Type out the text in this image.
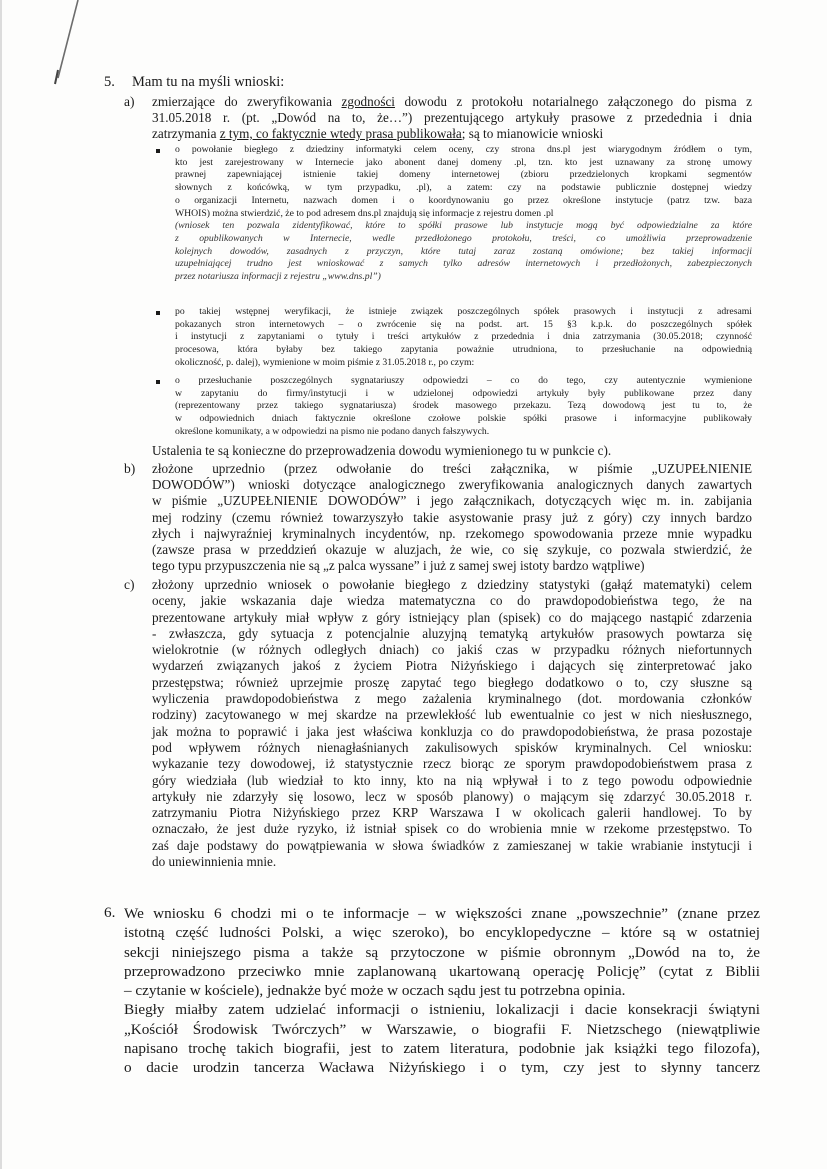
5. Mam tu na myśli wnioski:
a) zmierzające do zweryfikowania zgodności dowodu z protokołu notarialnego załączonego do pisma z

31.05.2018 r. (pt. „Dowód na to, że…”) prezentującego artykuły prasowe z przedednia i dnia

zatrzymania z tym, co faktycznie wtedy prasa publikowała; są to mianowicie wnioski

o powołanie biegłego z dziedziny informatyki celem oceny, czy strona dns.pl jest wiarygodnym źródłem o tym,

kto jest zarejestrowany w Internecie jako abonent danej domeny .pl, tzn. kto jest uznawany za stronę umowy

prawnej zapewniającej istnienie takiej domeny internetowej (zbioru przedzielonych kropkami segmentów

słownych z końcówką, w tym przypadku, .pl), a zatem: czy na podstawie publicznie dostępnej wiedzy

o organizacji Internetu, nazwach domen i o koordynowaniu go przez określone instytucje (patrz tzw. baza

WHOIS) można stwierdzić, że to pod adresem dns.pl znajdują się informacje z rejestru domen .pl

(wniosek ten pozwala zidentyfikować, które to spółki prasowe lub instytucje mogą być odpowiedzialne za które

z opublikowanych w Internecie, wedle przedłożonego protokołu, treści, co umożliwia przeprowadzenie

kolejnych dowodów, zasadnych z przyczyn, które tutaj zaraz zostaną omówione; bez takiej informacji

uzupełniającej trudno jest wnioskować z samych tylko adresów internetowych i przedłożonych, zabezpieczonych

przez notariusza informacji z rejestru „www.dns.pl”)

po takiej wstępnej weryfikacji, że istnieje związek poszczególnych spółek prasowych i instytucji z adresami

pokazanych stron internetowych – o zwrócenie się na podst. art. 15 §3 k.p.k. do poszczególnych spółek

i instytucji z zapytaniami o tytuły i treści artykułów z przedednia i dnia zatrzymania (30.05.2018; czynność

procesowa, która byłaby bez takiego zapytania poważnie utrudniona, to przesłuchanie na odpowiednią

okoliczność, p. dalej), wymienione w moim piśmie z 31.05.2018 r., po czym:

o przesłuchanie poszczególnych sygnatariuszy odpowiedzi – co do tego, czy autentycznie wymienione

w zapytaniu do firmy/instytucji i w udzielonej odpowiedzi artykuły były publikowane przez dany

(reprezentowany przez takiego sygnatariusza) środek masowego przekazu. Tezą dowodową jest tu to, że

w odpowiednich dniach faktycznie określone czołowe polskie spółki prasowe i informacyjne publikowały

określone komunikaty, a w odpowiedzi na pismo nie podano danych fałszywych.

Ustalenia te są konieczne do przeprowadzenia dowodu wymienionego tu w punkcie c).
b) złożone uprzednio (przez odwołanie do treści załącznika, w piśmie „UZUPEŁNIENIE

DOWODÓW”) wnioski dotyczące analogicznego zweryfikowania analogicznych danych zawartych

w piśmie „UZUPEŁNIENIE DOWODÓW” i jego załącznikach, dotyczących więc m. in. zabijania

mej rodziny (czemu również towarzyszyło takie asystowanie prasy już z góry) czy innych bardzo

złych i najwyraźniej kryminalnych incydentów, np. rzekomego spowodowania przeze mnie wypadku

(zawsze prasa w przeddzień okazuje w aluzjach, że wie, co się szykuje, co pozwala stwierdzić, że

tego typu przypuszczenia nie są „z palca wyssane” i już z samej swej istoty bardzo wątpliwe)

c) złożony uprzednio wniosek o powołanie biegłego z dziedziny statystyki (gałąź matematyki) celem

oceny, jakie wskazania daje wiedza matematyczna co do prawdopodobieństwa tego, że na

prezentowane artykuły miał wpływ z góry istniejący plan (spisek) co do mającego nastąpić zdarzenia

- zwłaszcza, gdy sytuacja z potencjalnie aluzyjną tematyką artykułów prasowych powtarza się

wielokrotnie (w różnych odległych dniach) co jakiś czas w przypadku różnych niefortunnych

wydarzeń związanych jakoś z życiem Piotra Niżyńskiego i dających się zinterpretować jako

przestępstwa; również uprzejmie proszę zapytać tego biegłego dodatkowo o to, czy słuszne są

wyliczenia prawdopodobieństwa z mego zażalenia kryminalnego (dot. mordowania członków

rodziny) zacytowanego w mej skardze na przewlekłość lub ewentualnie co jest w nich niesłusznego,

jak można to poprawić i jaka jest właściwa konkluzja co do prawdopodobieństwa, że prasa pozostaje

pod wpływem różnych nienagłaśnianych zakulisowych spisków kryminalnych. Cel wniosku:

wykazanie tezy dowodowej, iż statystycznie rzecz biorąc ze sporym prawdopodobieństwem prasa z

góry wiedziała (lub wiedział to kto inny, kto na nią wpływał i to z tego powodu odpowiednie

artykuły nie zdarzyły się losowo, lecz w sposób planowy) o mającym się zdarzyć 30.05.2018 r.

zatrzymaniu Piotra Niżyńskiego przez KRP Warszawa I w okolicach galerii handlowej. To by

oznaczało, że jest duże ryzyko, iż istniał spisek co do wrobienia mnie w rzekome przestępstwo. To

zaś daje podstawy do powątpiewania w słowa świadków z zamieszanej w takie wrabianie instytucji i

do uniewinnienia mnie.

6. We wniosku 6 chodzi mi o te informacje – w większości znane „powszechnie” (znane przez

istotną część ludności Polski, a więc szeroko), bo encyklopedyczne – które są w ostatniej

sekcji niniejszego pisma a także są przytoczone w piśmie obronnym „Dowód na to, że

przeprowadzono przeciwko mnie zaplanowaną ukartowaną operację Policję” (cytat z Biblii

– czytanie w kościele), jednakże być może w oczach sądu jest tu potrzebna opinia.

Biegły miałby zatem udzielać informacji o istnieniu, lokalizacji i dacie konsekracji świątyni

„Kościół Środowisk Twórczych” w Warszawie, o biografii F. Nietzschego (niewątpliwie

napisano trochę takich biografii, jest to zatem literatura, podobnie jak książki tego filozofa),

o dacie urodzin tancerza Wacława Niżyńskiego i o tym, czy jest to słynny tancerz
